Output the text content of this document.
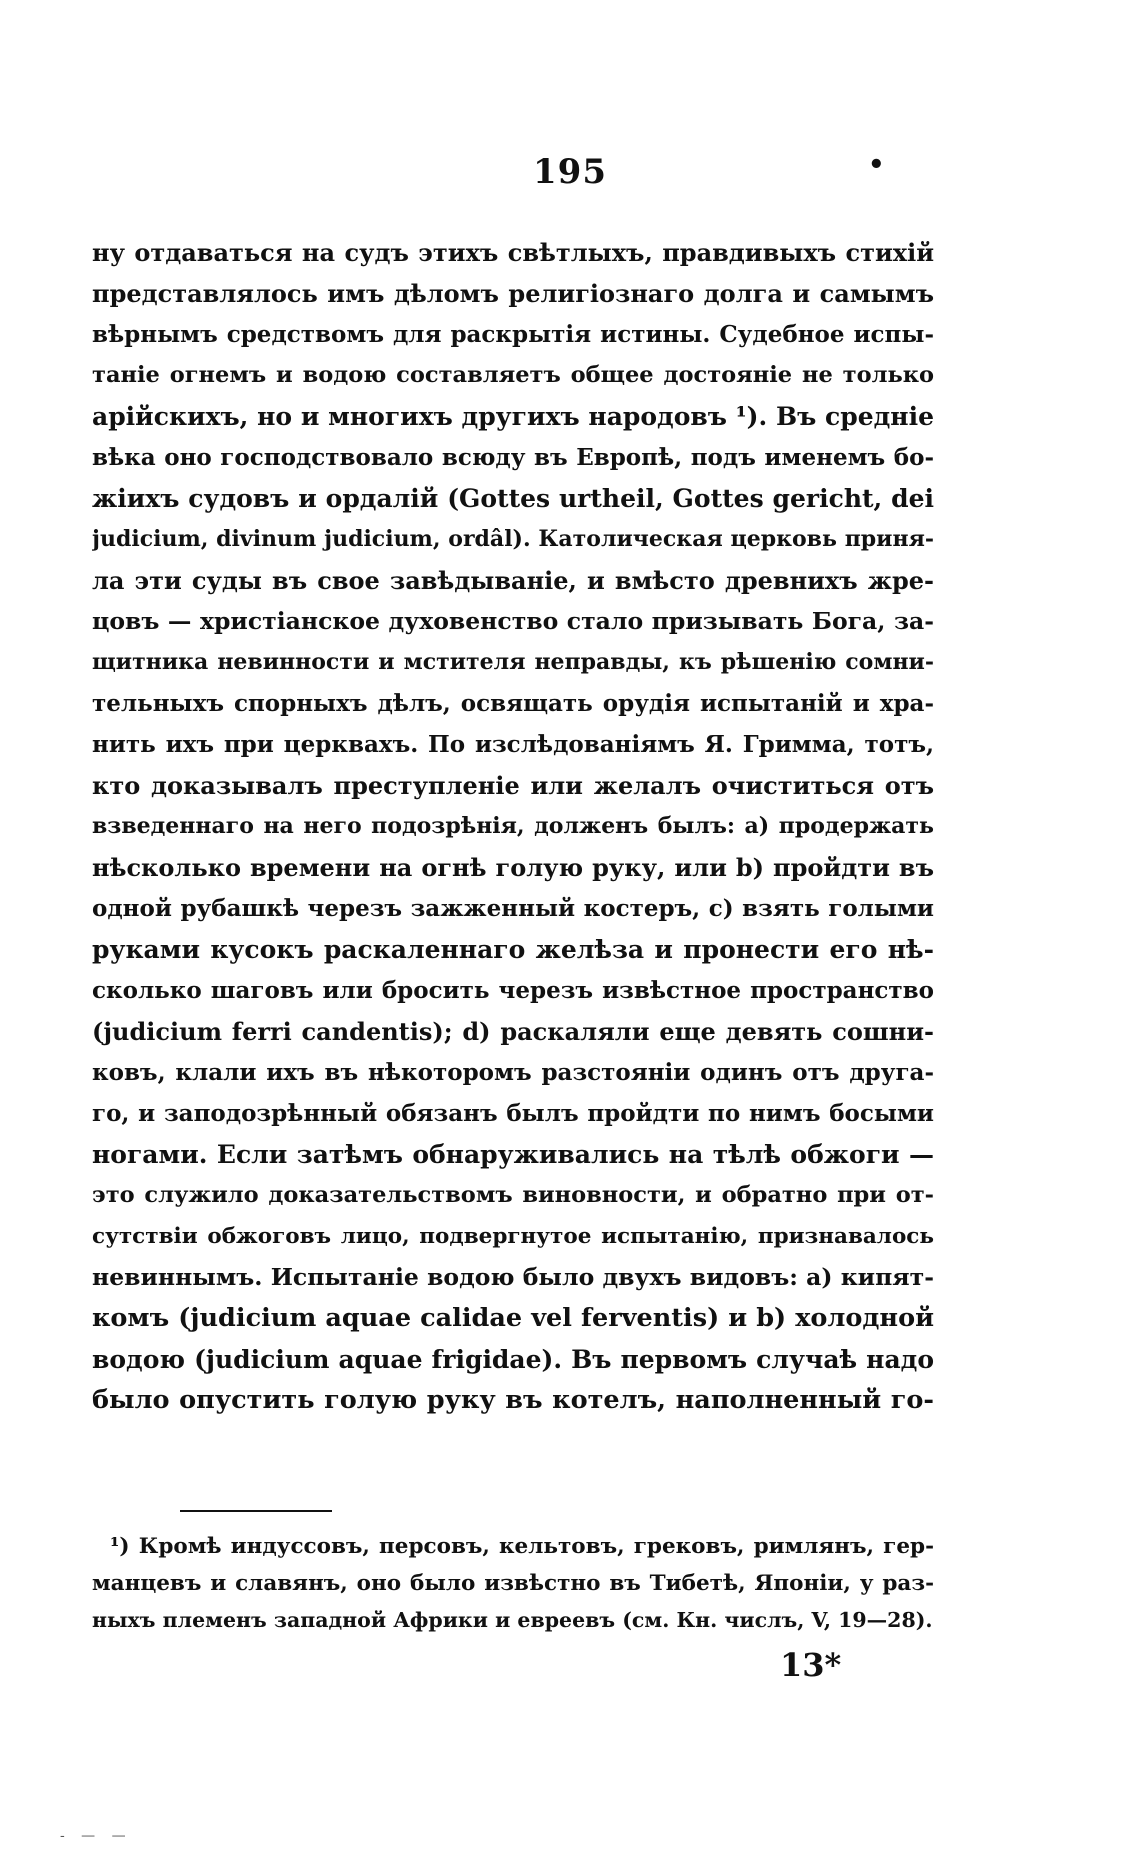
195	•
ну отдаваться на судъ этихъ свѣтлыхъ, правдивыхъ стихій
представлялось имъ дѣломъ религіознаго долга и самымъ
вѣрнымъ средствомъ для раскрытія истины. Судебное испы-
таніе огнемъ и водою составляетъ общее достояніе не только
арійскихъ, но и многихъ другихъ народовъ ¹). Въ средніе
вѣка оно господствовало всюду въ Европѣ, подъ именемъ бо-
жіихъ судовъ и ордалій (Gottes urtheil, Gottes gericht, dei
judicium, divinum judicium, ordâl). Католическая церковь приня-
ла эти суды въ свое завѣдываніе, и вмѣсто древнихъ жре-
цовъ — христіанское духовенство стало призывать Бога, за-
щитника невинности и мстителя неправды, къ рѣшенію сомни-
тельныхъ спорныхъ дѣлъ, освящать орудія испытаній и хра-
нить ихъ при церквахъ. По изслѣдованіямъ Я. Гримма, тотъ,
кто доказывалъ преступленіе или желалъ очиститься отъ
взведеннаго на него подозрѣнія, долженъ былъ: а) продержать
нѣсколько времени на огнѣ голую руку, или b) пройдти въ
одной рубашкѣ черезъ зажженный костеръ, с) взять голыми
руками кусокъ раскаленнаго желѣза и пронести его нѣ-
сколько шаговъ или бросить черезъ извѣстное пространство
(judicium ferri candentis); d) раскаляли еще девять сошни-
ковъ, клали ихъ въ нѣкоторомъ разстояніи одинъ отъ друга-
го, и заподозрѣнный обязанъ былъ пройдти по нимъ босыми
ногами. Если затѣмъ обнаруживались на тѣлѣ обжоги —
это служило доказательствомъ виновности, и обратно при от-
сутствіи обжоговъ лицо, подвергнутое испытанію, признавалось
невиннымъ. Испытаніе водою было двухъ видовъ: а) кипят-
комъ (judicium aquae calidae vel ferventis) и b) холодной
водою (judicium aquae frigidae). Въ первомъ случаѣ надо
было опустить голую руку въ котелъ, наполненный го-
¹) Кромѣ индуссовъ, персовъ, кельтовъ, грековъ, римлянъ, гер-
манцевъ и славянъ, оно было извѣстно въ Тибетѣ, Японіи, у раз-
ныхъ племенъ западной Африки и евреевъ (см. Кн. числъ, V, 19—28).
13*
- — —
